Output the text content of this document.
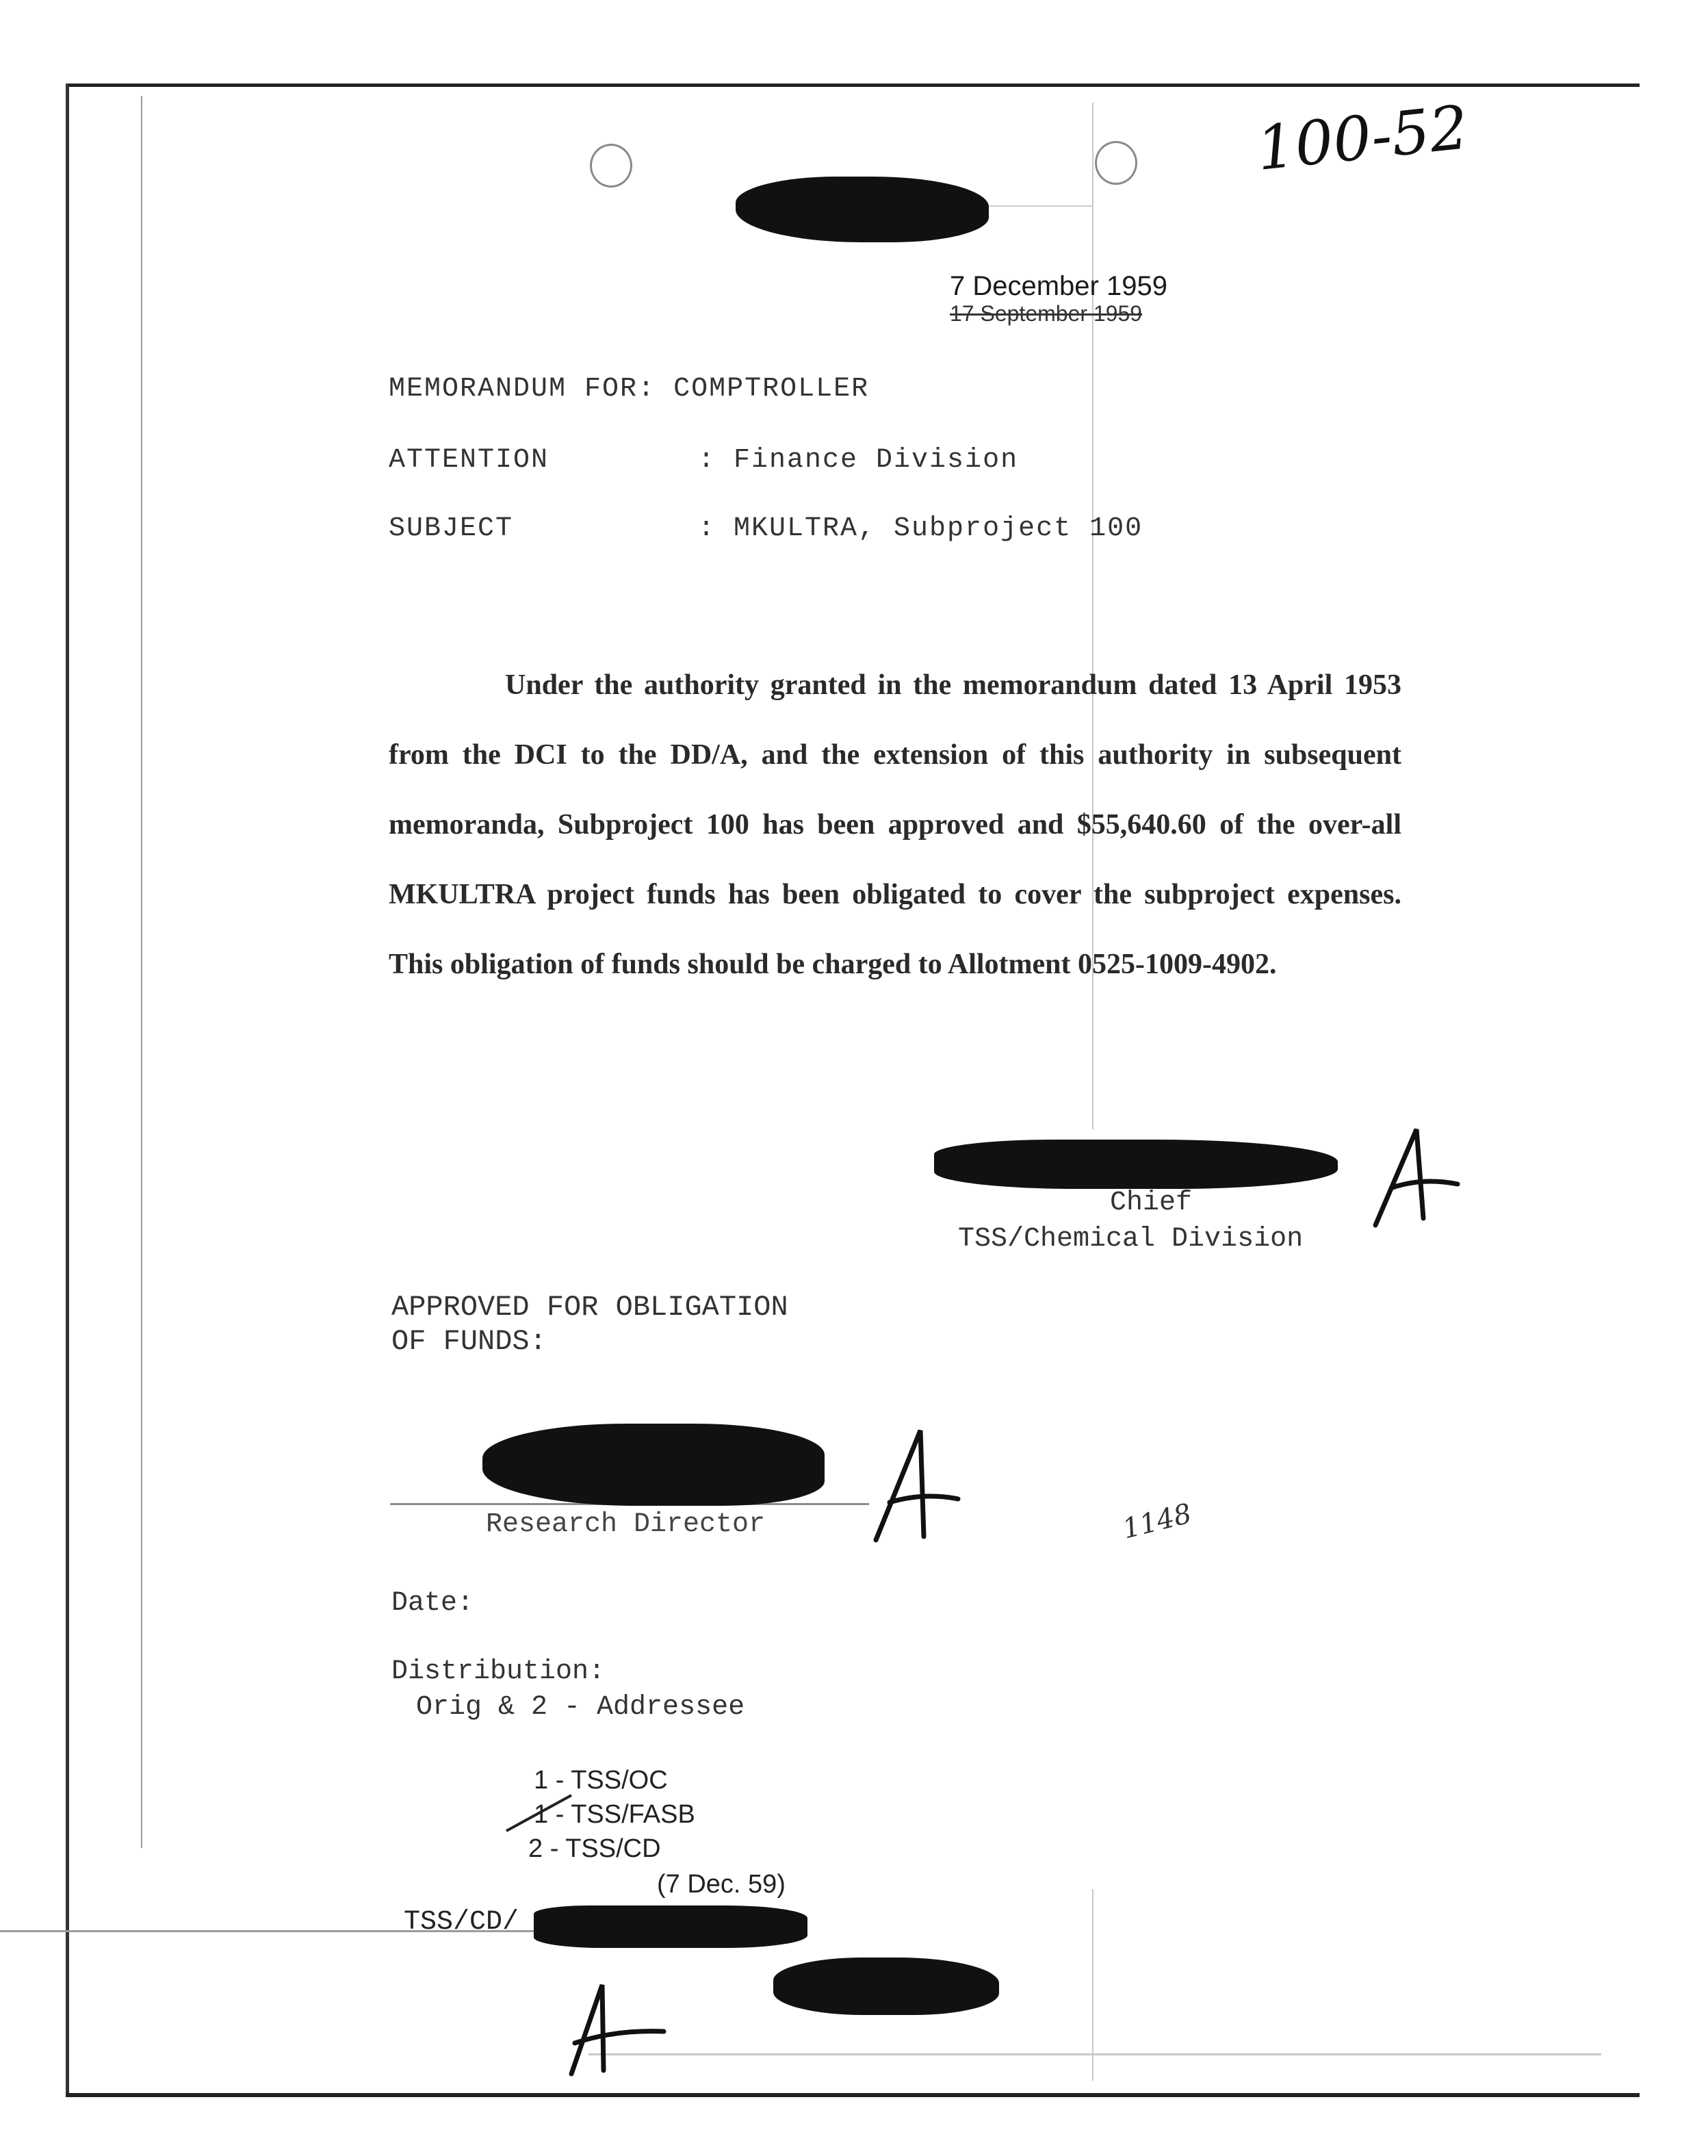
100-52
7 December 1959
17 September 1959
MEMORANDUM FOR: COMPTROLLER
ATTENTION	: Finance Division
SUBJECT	: MKULTRA, Subproject 100
Under the authority granted in the memorandum dated 13 April 1953 from the DCI to the DD/A, and the extension of this authority in subsequent memoranda, Subproject 100 has been approved and $55,640.60 of the over-all MKULTRA project funds has been obligated to cover the subproject expenses. This obligation of funds should be charged to Allotment 0525-1009-4902.
Chief
TSS/Chemical Division
APPROVED FOR OBLIGATION
OF FUNDS:
Research Director	1148
Date:
Distribution:
Orig & 2 - Addressee
1 - TSS/OC
1 - TSS/FASB
2 - TSS/CD
(7 Dec. 59)
TSS/CD/
